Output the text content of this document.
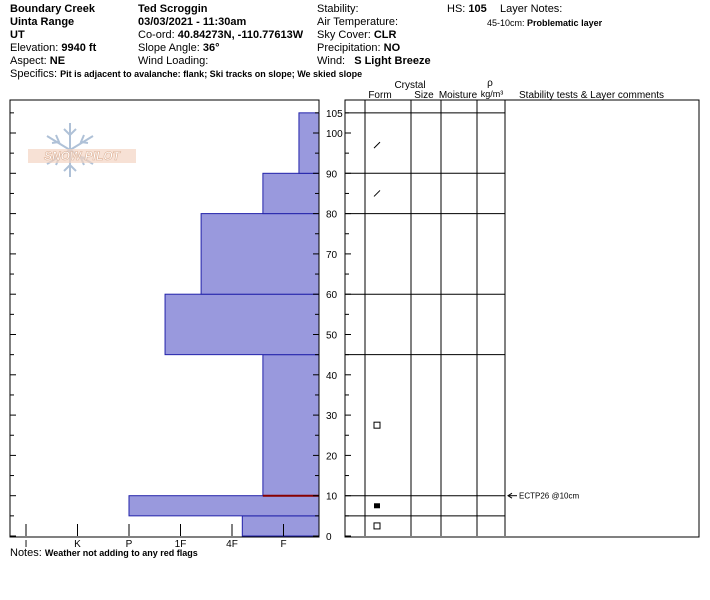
Boundary Creek
Uinta Range
UT
Elevation: 9940 ft
Aspect: NE
Specifics: Pit is adjacent to avalanche: flank; Ski tracks on slope; We skied slope
Ted Scroggin
03/03/2021 - 11:30am
Co-ord: 40.84273N, -110.77613W
Slope Angle: 36°
Wind Loading:
Stability:
Air Temperature:
Sky Cover: CLR
Precipitation: NO
Wind: S Light Breeze
HS: 105 Layer Notes:
45-10cm: Problematic layer
Notes: Weather not adding to any red flags
I	K	P	1F	4F	F
0
10
20
30
40
50
60
70
80
90
100
105
SNOW PILOT
ECTP26 @10cm
Crystal
Form Size Moisture
ρ
kg/m³ Stability tests & Layer comments
